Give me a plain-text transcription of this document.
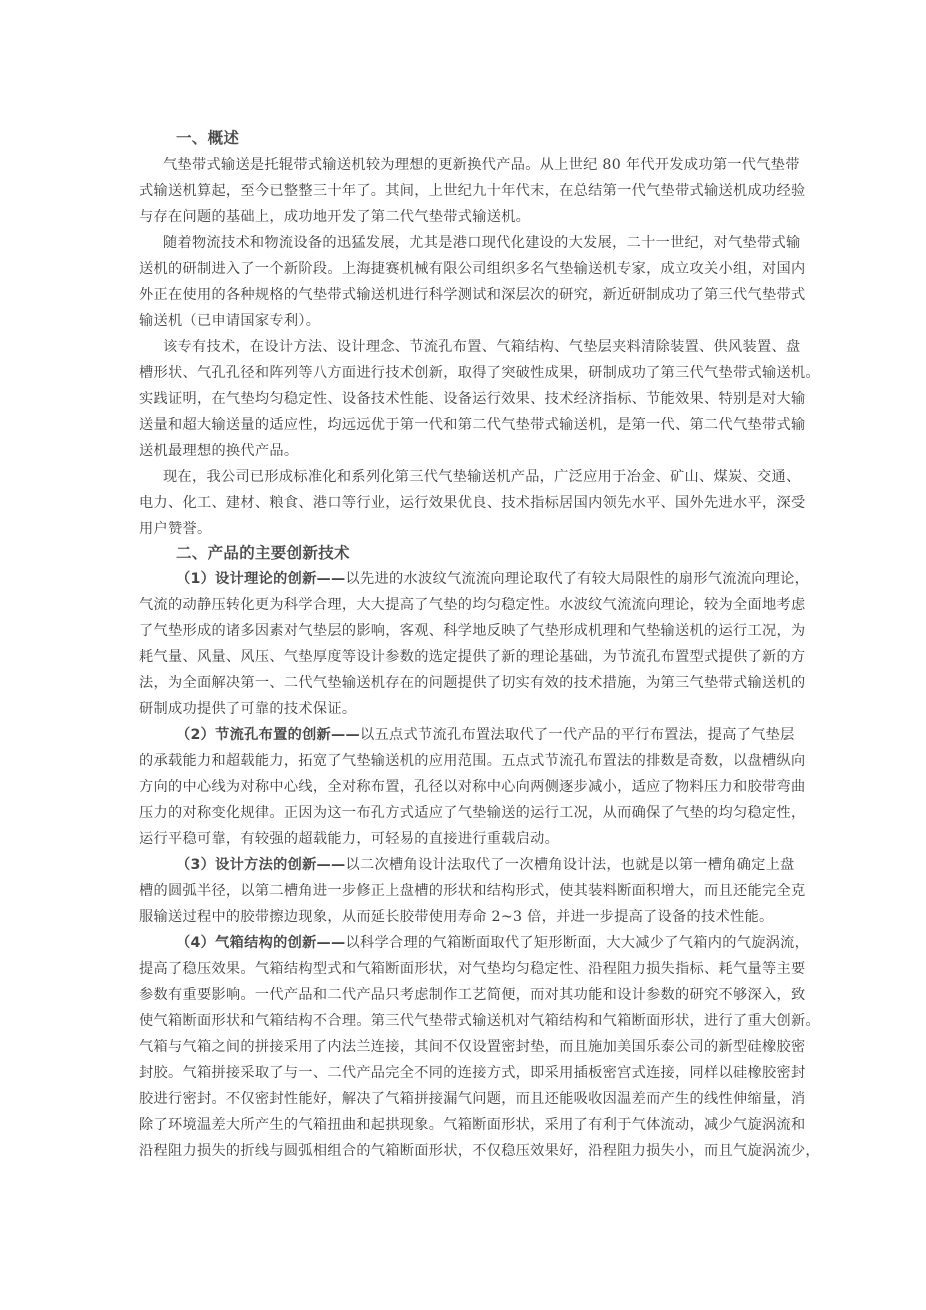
一、概述
气垫带式输送是托辊带式输送机较为理想的更新换代产品。从上世纪 80 年代开发成功第一代气垫带
式输送机算起，至今已整整三十年了。其间，上世纪九十年代末，在总结第一代气垫带式输送机成功经验
与存在问题的基础上，成功地开发了第二代气垫带式输送机。
随着物流技术和物流设备的迅猛发展，尤其是港口现代化建设的大发展，二十一世纪，对气垫带式输
送机的研制进入了一个新阶段。上海捷赛机械有限公司组织多名气垫输送机专家，成立攻关小组，对国内
外正在使用的各种规格的气垫带式输送机进行科学测试和深层次的研究，新近研制成功了第三代气垫带式
输送机（已申请国家专利）。
该专有技术，在设计方法、设计理念、节流孔布置、气箱结构、气垫层夹料清除装置、供风装置、盘
槽形状、气孔孔径和阵列等八方面进行技术创新，取得了突破性成果，研制成功了第三代气垫带式输送机。
实践证明，在气垫均匀稳定性、设备技术性能、设备运行效果、技术经济指标、节能效果、特别是对大输
送量和超大输送量的适应性，均远远优于第一代和第二代气垫带式输送机，是第一代、第二代气垫带式输
送机最理想的换代产品。
现在，我公司已形成标准化和系列化第三代气垫输送机产品，广泛应用于冶金、矿山、煤炭、交通、
电力、化工、建材、粮食、港口等行业，运行效果优良、技术指标居国内领先水平、国外先进水平，深受
用户赞誉。
二、产品的主要创新技术
（1）设计理论的创新——以先进的水波纹气流流向理论取代了有较大局限性的扇形气流流向理论，
气流的动静压转化更为科学合理，大大提高了气垫的均匀稳定性。水波纹气流流向理论，较为全面地考虑
了气垫形成的诸多因素对气垫层的影响，客观、科学地反映了气垫形成机理和气垫输送机的运行工况，为
耗气量、风量、风压、气垫厚度等设计参数的选定提供了新的理论基础，为节流孔布置型式提供了新的方
法，为全面解决第一、二代气垫输送机存在的问题提供了切实有效的技术措施，为第三气垫带式输送机的
研制成功提供了可靠的技术保证。
（2）节流孔布置的创新——以五点式节流孔布置法取代了一代产品的平行布置法，提高了气垫层
的承载能力和超载能力，拓宽了气垫输送机的应用范围。五点式节流孔布置法的排数是奇数，以盘槽纵向
方向的中心线为对称中心线，全对称布置，孔径以对称中心向两侧逐步减小，适应了物料压力和胶带弯曲
压力的对称变化规律。正因为这一布孔方式适应了气垫输送的运行工况，从而确保了气垫的均匀稳定性，
运行平稳可靠，有较强的超载能力，可轻易的直接进行重载启动。
（3）设计方法的创新——以二次槽角设计法取代了一次槽角设计法，也就是以第一槽角确定上盘
槽的圆弧半径，以第二槽角进一步修正上盘槽的形状和结构形式，使其装料断面积增大，而且还能完全克
服输送过程中的胶带擦边现象，从而延长胶带使用寿命 2~3 倍，并进一步提高了设备的技术性能。
（4）气箱结构的创新——以科学合理的气箱断面取代了矩形断面，大大减少了气箱内的气旋涡流，
提高了稳压效果。气箱结构型式和气箱断面形状，对气垫均匀稳定性、沿程阻力损失指标、耗气量等主要
参数有重要影响。一代产品和二代产品只考虑制作工艺简便，而对其功能和设计参数的研究不够深入，致
使气箱断面形状和气箱结构不合理。第三代气垫带式输送机对气箱结构和气箱断面形状，进行了重大创新。
气箱与气箱之间的拼接采用了内法兰连接，其间不仅设置密封垫，而且施加美国乐泰公司的新型硅橡胶密
封胶。气箱拼接采取了与一、二代产品完全不同的连接方式，即采用插板密宫式连接，同样以硅橡胶密封
胶进行密封。不仅密封性能好，解决了气箱拼接漏气问题，而且还能吸收因温差而产生的线性伸缩量，消
除了环境温差大所产生的气箱扭曲和起拱现象。气箱断面形状，采用了有利于气体流动，减少气旋涡流和
沿程阻力损失的折线与圆弧相组合的气箱断面形状，不仅稳压效果好，沿程阻力损失小，而且气旋涡流少，
